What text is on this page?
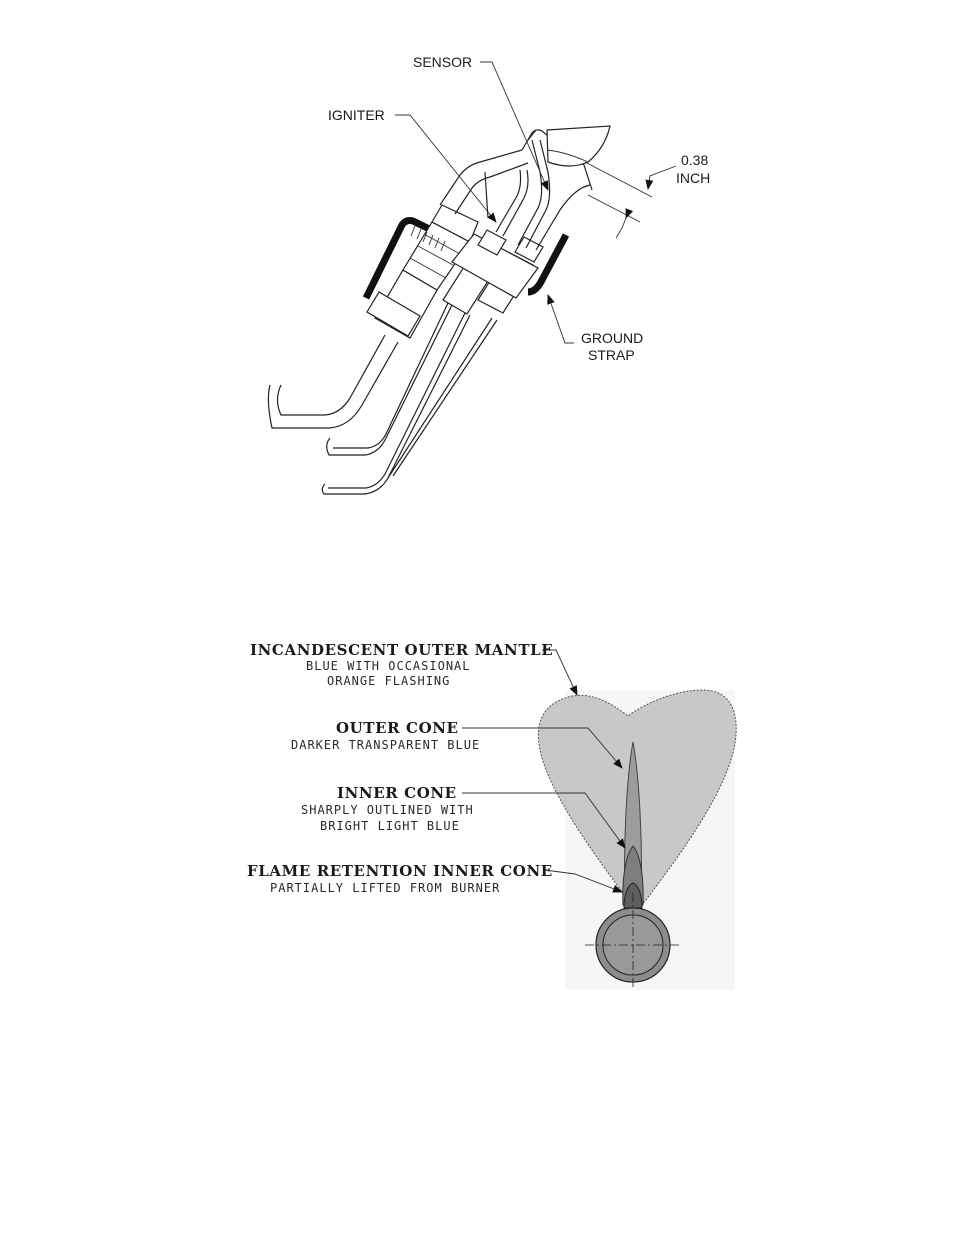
SENSOR
IGNITER
0.38
INCH
GROUND
STRAP
INCANDESCENT OUTER MANTLE
BLUE WITH OCCASIONAL
ORANGE FLASHING
OUTER CONE
DARKER TRANSPARENT BLUE
INNER CONE
SHARPLY OUTLINED WITH
BRIGHT LIGHT BLUE
FLAME RETENTION INNER CONE
PARTIALLY LIFTED FROM BURNER
